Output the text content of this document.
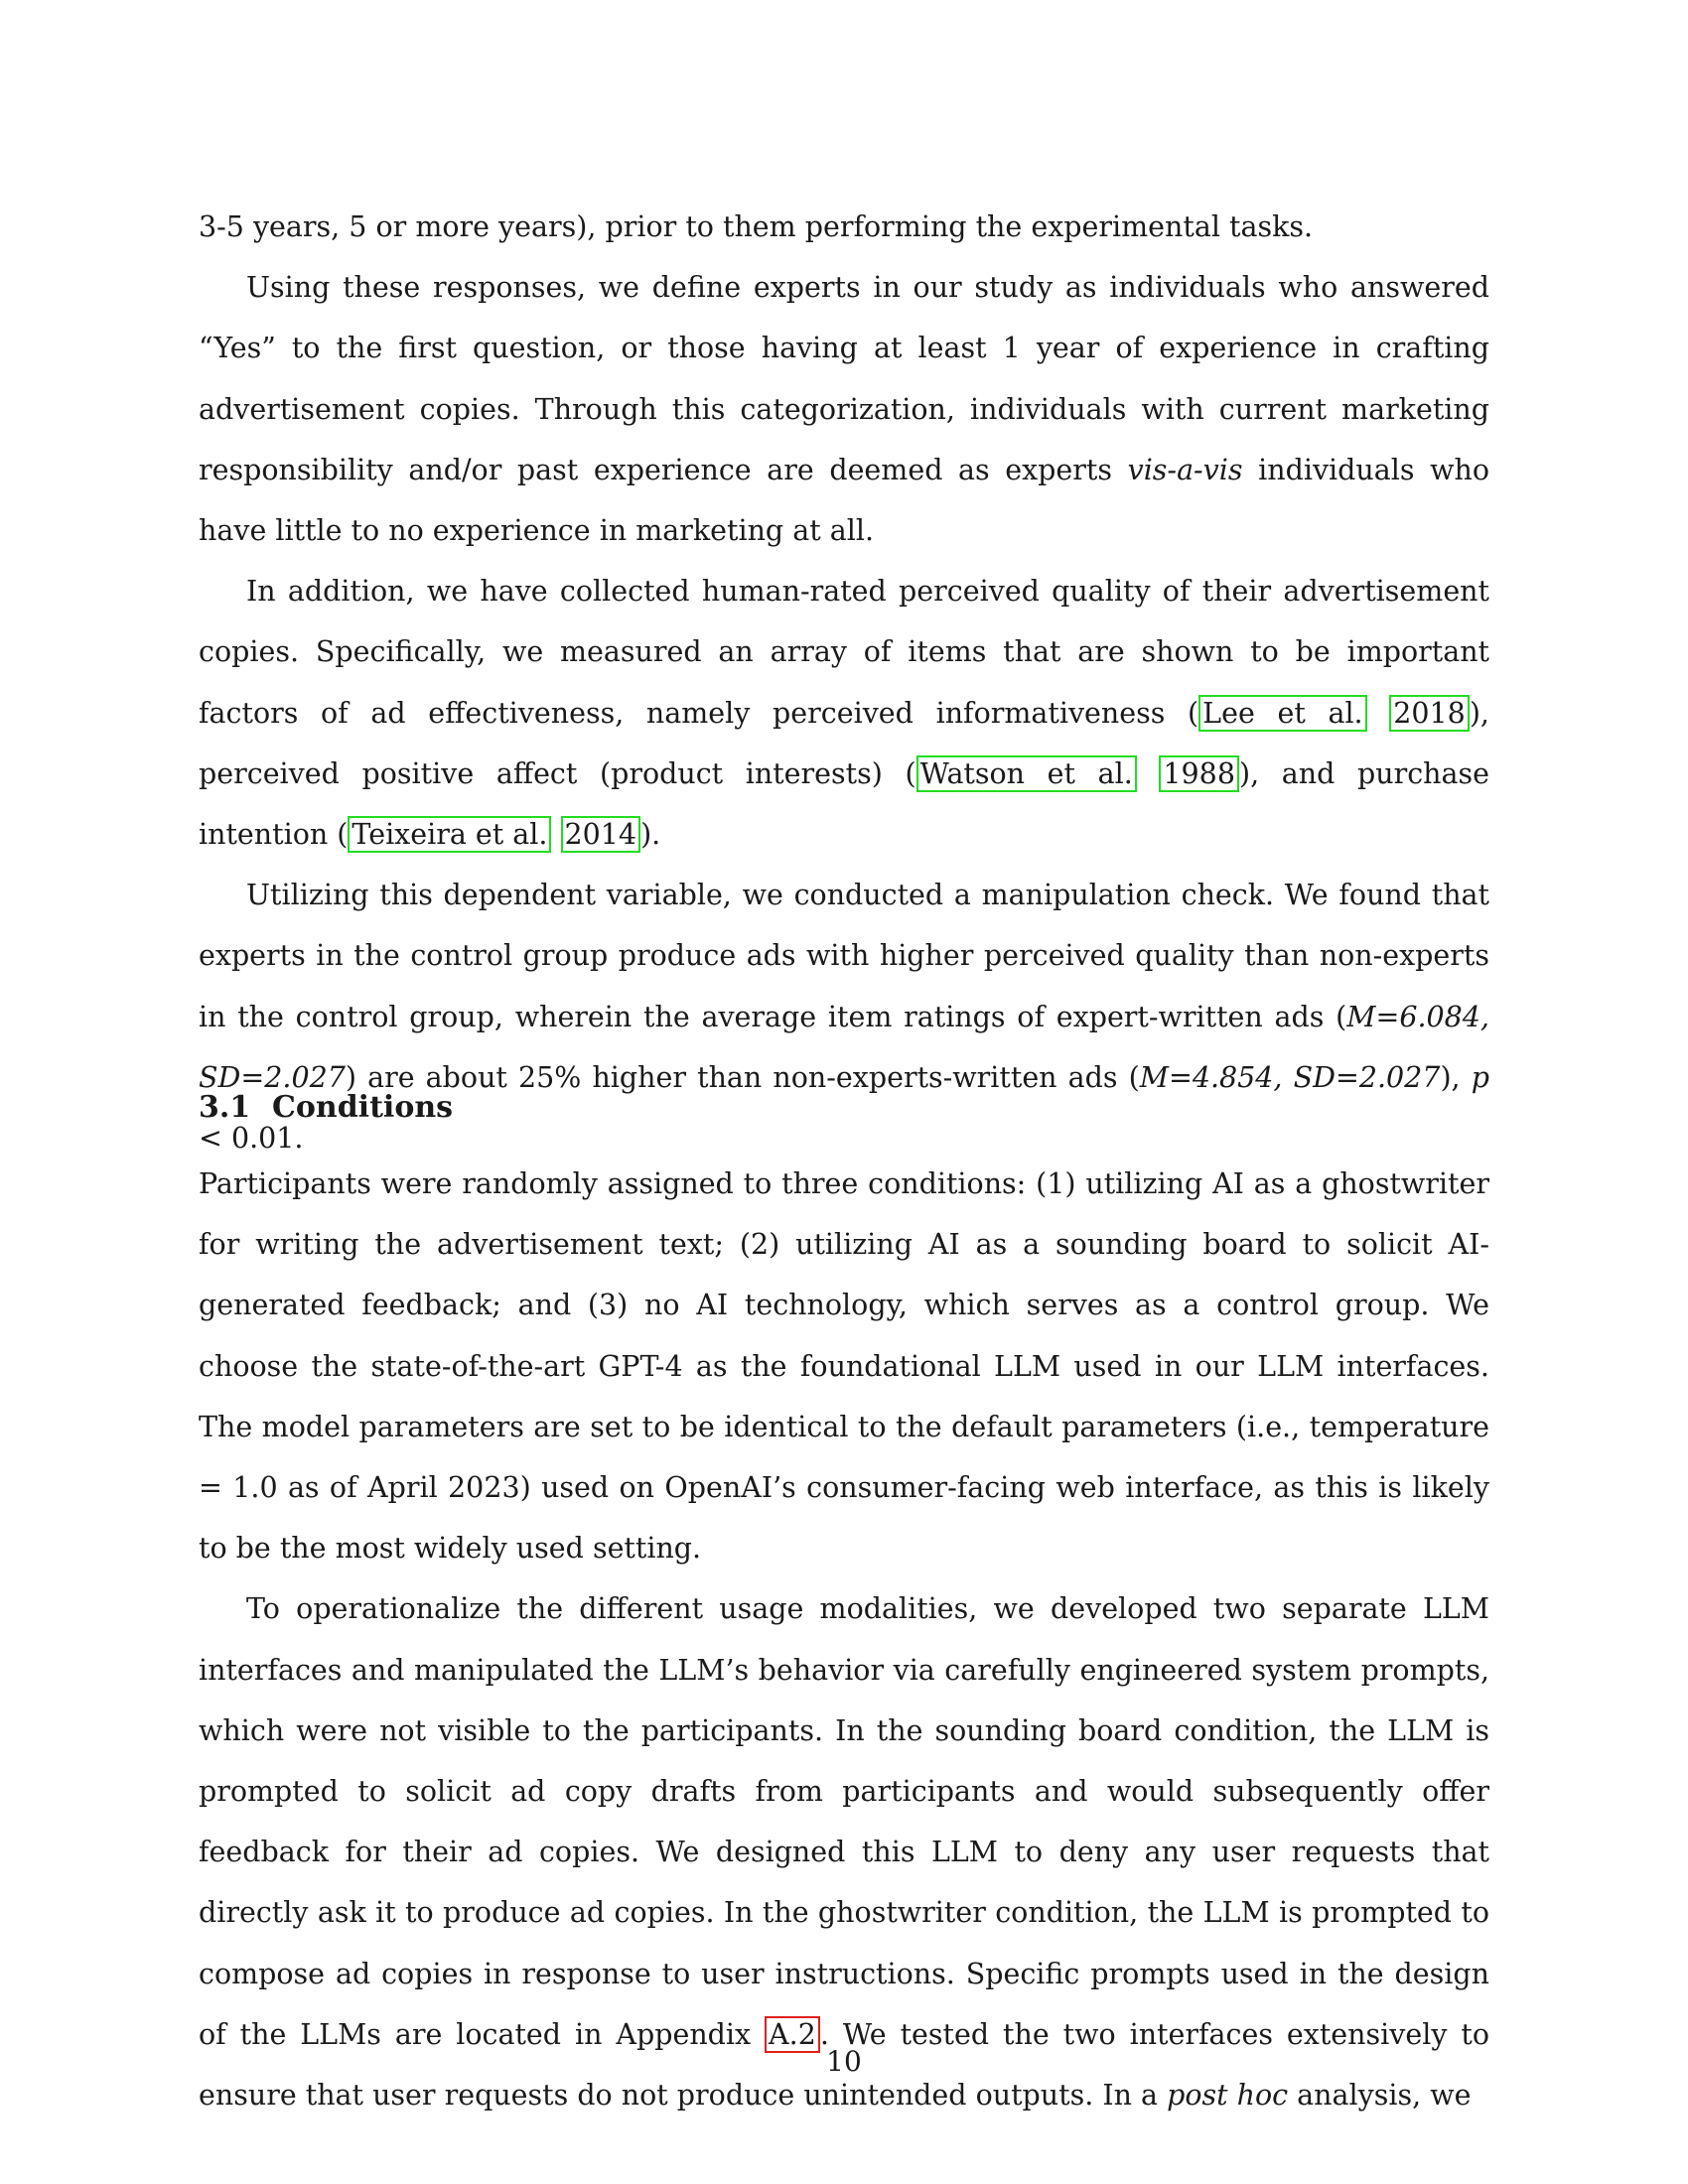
3-5 years, 5 or more years), prior to them performing the experimental tasks.

Using these responses, we define experts in our study as individuals who answered “Yes” to the first question, or those having at least 1 year of experience in crafting advertisement copies. Through this categorization, individuals with current marketing responsibility and/or past experience are deemed as experts vis-a-vis individuals who have little to no experience in marketing at all.

In addition, we have collected human-rated perceived quality of their advertisement copies. Specifically, we measured an array of items that are shown to be important factors of ad effectiveness, namely perceived informativeness ( Lee et al. 2018 ), perceived positive affect (product interests) ( Watson et al. 1988 ), and purchase intention ( Teixeira et al. 2014 ).

Utilizing this dependent variable, we conducted a manipulation check. We found that experts in the control group produce ads with higher perceived quality than non-experts in the control group, wherein the average item ratings of expert-written ads (M=6.084, SD=2.027) are about 25% higher than non-experts-written ads (M=4.854, SD=2.027), p < 0.01.

3.1 Conditions

Participants were randomly assigned to three conditions: (1) utilizing AI as a ghostwriter for writing the advertisement text; (2) utilizing AI as a sounding board to solicit AI-generated feedback; and (3) no AI technology, which serves as a control group. We choose the state-of-the-art GPT-4 as the foundational LLM used in our LLM interfaces. The model parameters are set to be identical to the default parameters (i.e., temperature = 1.0 as of April 2023) used on OpenAI’s consumer-facing web interface, as this is likely to be the most widely used setting.

To operationalize the different usage modalities, we developed two separate LLM interfaces and manipulated the LLM’s behavior via carefully engineered system prompts, which were not visible to the participants. In the sounding board condition, the LLM is prompted to solicit ad copy drafts from participants and would subsequently offer feedback for their ad copies. We designed this LLM to deny any user requests that directly ask it to produce ad copies. In the ghostwriter condition, the LLM is prompted to compose ad copies in response to user instructions. Specific prompts used in the design of the LLMs are located in Appendix A.2 . We tested the two interfaces extensively to ensure that user requests do not produce unintended outputs. In a post hoc analysis, we

10
